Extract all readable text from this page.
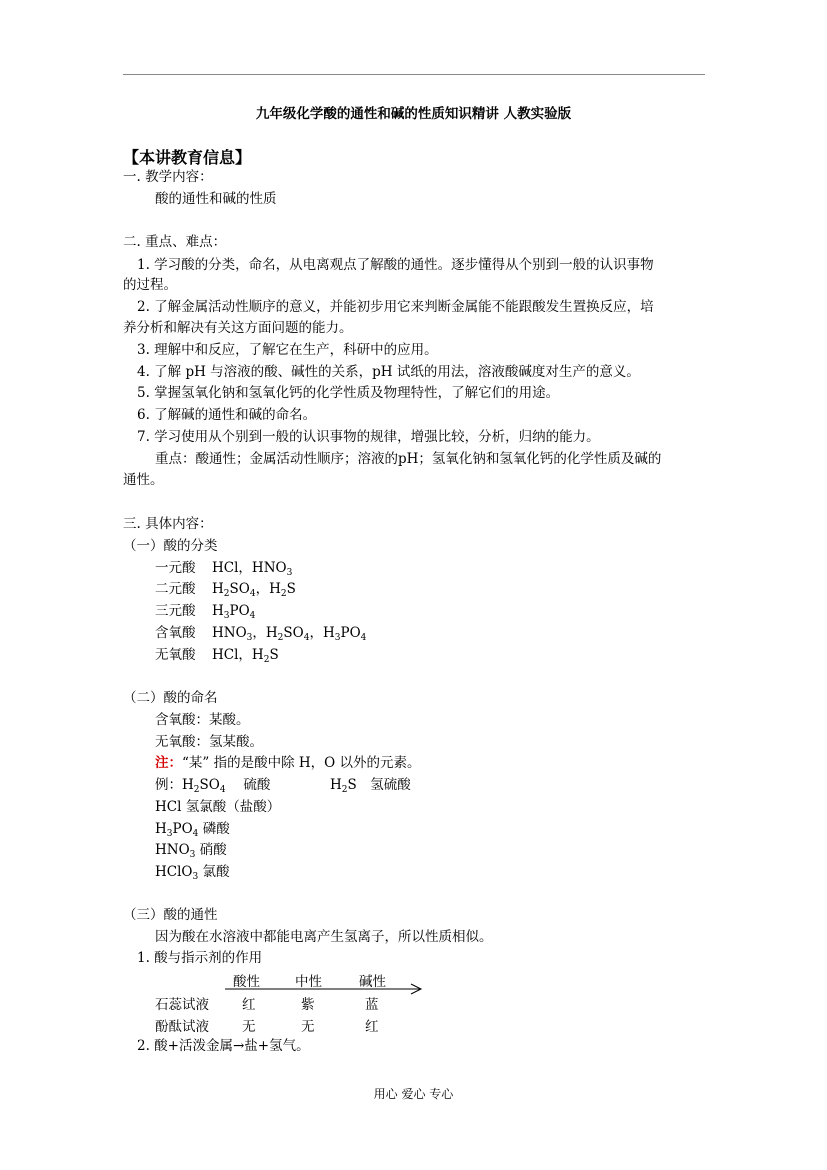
九年级化学酸的通性和碱的性质知识精讲 人教实验版
【本讲教育信息】
一. 教学内容：
酸的通性和碱的性质
二. 重点、难点：
1. 学习酸的分类，命名，从电离观点了解酸的通性。逐步懂得从个别到一般的认识事物
的过程。
2. 了解金属活动性顺序的意义，并能初步用它来判断金属能不能跟酸发生置换反应，培
养分析和解决有关这方面问题的能力。
3. 理解中和反应，了解它在生产，科研中的应用。
4. 了解 pH 与溶液的酸、碱性的关系，pH 试纸的用法，溶液酸碱度对生产的意义。
5. 掌握氢氧化钠和氢氧化钙的化学性质及物理特性，了解它们的用途。
6. 了解碱的通性和碱的命名。
7. 学习使用从个别到一般的认识事物的规律，增强比较，分析，归纳的能力。
重点：酸通性；金属活动性顺序；溶液的pH；氢氧化钠和氢氧化钙的化学性质及碱的
通性。
三. 具体内容：
（一）酸的分类
一元酸 HCl，$HNO_3$
二元酸 $H_2SO_4$，$H_2S$
三元酸 $H_3PO_4$
含氧酸 $HNO_3$，$H_2SO_4$，$H_3PO_4$
无氧酸 HCl，$H_2S$
（二）酸的命名
含氧酸：某酸。
无氧酸：氢某酸。
注：“某” 指的是酸中除 H，O 以外的元素。
例：$H_2SO_4$　 硫酸	$H_2S$　氢硫酸
HCl 氢氯酸（盐酸）
$H_3PO_4$ 磷酸
$HNO_3$ 硝酸
HClO$_3$ 氯酸
（三）酸的通性
因为酸在水溶液中都能电离产生氢离子，所以性质相似。
1. 酸与指示剂的作用
酸性	中性	碱性
石蕊试液 红	紫	蓝
酚酞试液 无	无	红
2. 酸+活泼金属→盐+氢气。
用心 爱心 专心
